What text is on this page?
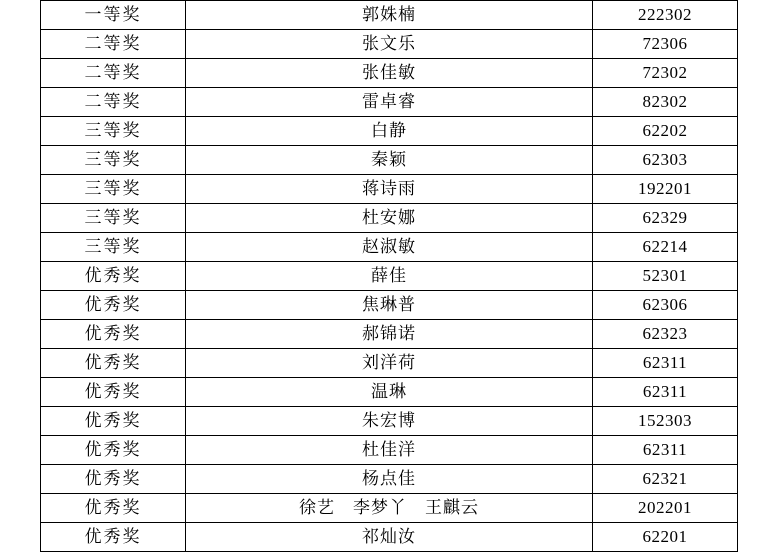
一等奖	郭姝楠	222302
二等奖	张文乐	72306
二等奖	张佳敏	72302
二等奖	雷卓睿	82302
三等奖	白静	62202
三等奖	秦颖	62303
三等奖	蒋诗雨	192201
三等奖	杜安娜	62329
三等奖	赵淑敏	62214
优秀奖	薛佳	52301
优秀奖	焦琳普	62306
优秀奖	郝锦诺	62323
优秀奖	刘洋荷	62311
优秀奖	温琳	62311
优秀奖	朱宏博	152303
优秀奖	杜佳洋	62311
优秀奖	杨点佳	62321
优秀奖	徐艺　李梦丫　王麒云	202201
优秀奖	祁灿汝	62201
